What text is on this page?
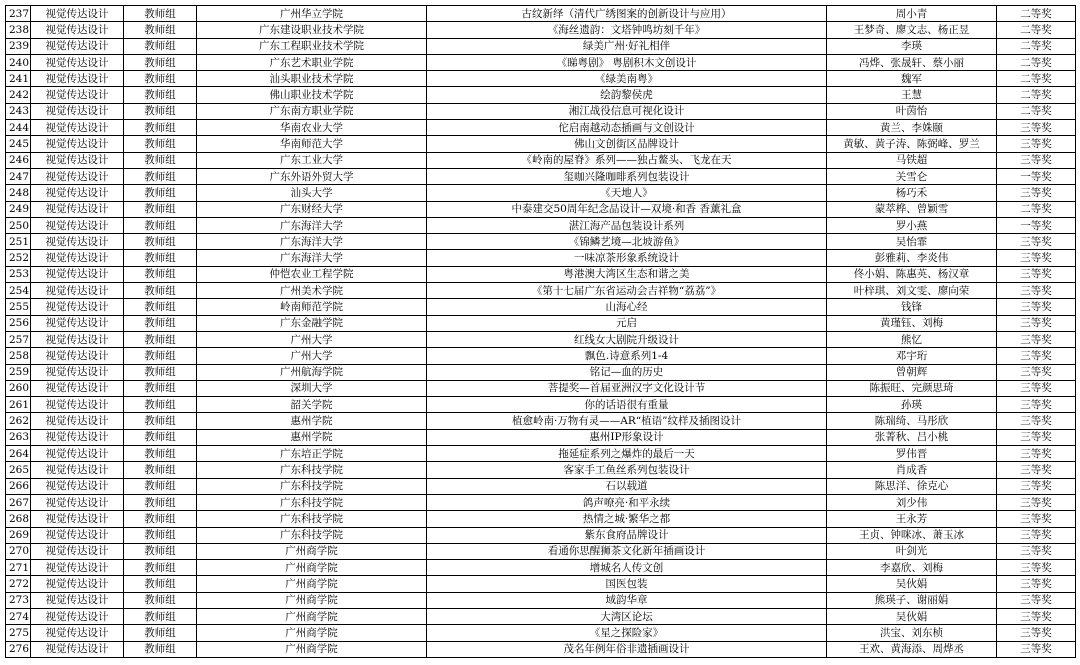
237	视觉传达设计	教师组	广州华立学院	古纹新绎（清代广绣图案的创新设计与应用）	周小青	二等奖
238	视觉传达设计	教师组	广东建设职业技术学院	《海丝遗韵：文塔钟鸣坊刻千年》	王梦奇、廖文志、杨正昱	二等奖
239	视觉传达设计	教师组	广东工程职业技术学院	绿美广州·好礼相伴	李瑛	二等奖
240	视觉传达设计	教师组	广东艺术职业学院	《睇粤剧》 粤剧积木文创设计	冯烨、张晟轩、蔡小丽	二等奖
241	视觉传达设计	教师组	汕头职业技术学院	《绿美南粤》	魏军	二等奖
242	视觉传达设计	教师组	佛山职业技术学院	绘韵黎侯虎	王慧	二等奖
243	视觉传达设计	教师组	广东南方职业学院	湘江战役信息可视化设计	叶茵怡	二等奖
244	视觉传达设计	教师组	华南农业大学	佗启南越动态插画与文创设计	黄兰、李姝颐	三等奖
245	视觉传达设计	教师组	华南师范大学	佛山文创街区品牌设计	黄敏、黄子涛、陈弼峰、罗兰	三等奖
246	视觉传达设计	教师组	广东工业大学	《岭南的屋脊》系列——独占鳌头、飞龙在天	马铁超	三等奖
247	视觉传达设计	教师组	广东外语外贸大学	玺咖兴隆咖啡系列包装设计	关雪仑	一等奖
248	视觉传达设计	教师组	汕头大学	《天地人》	杨巧禾	三等奖
249	视觉传达设计	教师组	广东财经大学	中泰建交50周年纪念品设计—双境·和香 香薰礼盒	蒙萃桦、曾颖雪	二等奖
250	视觉传达设计	教师组	广东海洋大学	湛江海产品包装设计系列	罗小燕	一等奖
251	视觉传达设计	教师组	广东海洋大学	《锦鳞艺境—北坡游鱼》	吴怡霏	三等奖
252	视觉传达设计	教师组	广东海洋大学	一味凉茶形象系统设计	彭雅莉、李炎伟	三等奖
253	视觉传达设计	教师组	仲恺农业工程学院	粤港澳大湾区生态和谐之美	佟小娟、陈惠英、杨汉章	三等奖
254	视觉传达设计	教师组	广州美术学院	《第十七届广东省运动会吉祥物“荔荔”》	叶梓琪、刘文雯、廖向荣	三等奖
255	视觉传达设计	教师组	岭南师范学院	山海心经	钱锋	三等奖
256	视觉传达设计	教师组	广东金融学院	元启	黄瑾钰、刘梅	三等奖
257	视觉传达设计	教师组	广州大学	红线女大剧院升级设计	熊忆	三等奖
258	视觉传达设计	教师组	广州大学	飘色.诗意系列1-4	邓宇珩	三等奖
259	视觉传达设计	教师组	广州航海学院	铭记—血的历史	曾朝辉	三等奖
260	视觉传达设计	教师组	深圳大学	菩提奖—首届亚洲汉字文化设计节	陈振旺、完颜思琦	三等奖
261	视觉传达设计	教师组	韶关学院	你的话语很有重量	孙瑛	三等奖
262	视觉传达设计	教师组	惠州学院	植愈岭南·万物有灵——AR“植语”纹样及插图设计	陈瑞绮、马彤欣	三等奖
263	视觉传达设计	教师组	惠州学院	惠州IP形象设计	张菁秋、吕小桃	三等奖
264	视觉传达设计	教师组	广东培正学院	拖延症系列之爆炸的最后一天	罗伟晋	三等奖
265	视觉传达设计	教师组	广东科技学院	客家手工鱼丝系列包装设计	肖成香	三等奖
266	视觉传达设计	教师组	广东科技学院	石以载道	陈思洋、徐克心	三等奖
267	视觉传达设计	教师组	广东科技学院	鸽声嘹亮·和平永续	刘少伟	三等奖
268	视觉传达设计	教师组	广东科技学院	热情之城·繁华之都	王永芳	三等奖
269	视觉传达设计	教师组	广东科技学院	紫东食府品牌设计	王贞、钟咪冰、萧玉冰	三等奖
270	视觉传达设计	教师组	广州商学院	看通你思醒狮茶文化新年插画设计	叶剑光	三等奖
271	视觉传达设计	教师组	广州商学院	增城名人传文创	李嘉欣、刘梅	三等奖
272	视觉传达设计	教师组	广州商学院	国医包装	吴伙娟	三等奖
273	视觉传达设计	教师组	广州商学院	域韵华章	熊瑛子、谢丽娟	三等奖
274	视觉传达设计	教师组	广州商学院	大湾区论坛	吴伙娟	三等奖
275	视觉传达设计	教师组	广州商学院	《星之探险家》	洪宝、刘东桢	三等奖
276	视觉传达设计	教师组	广州商学院	茂名年例年俗非遗插画设计	王欢、黄海添、周烨丞	三等奖
